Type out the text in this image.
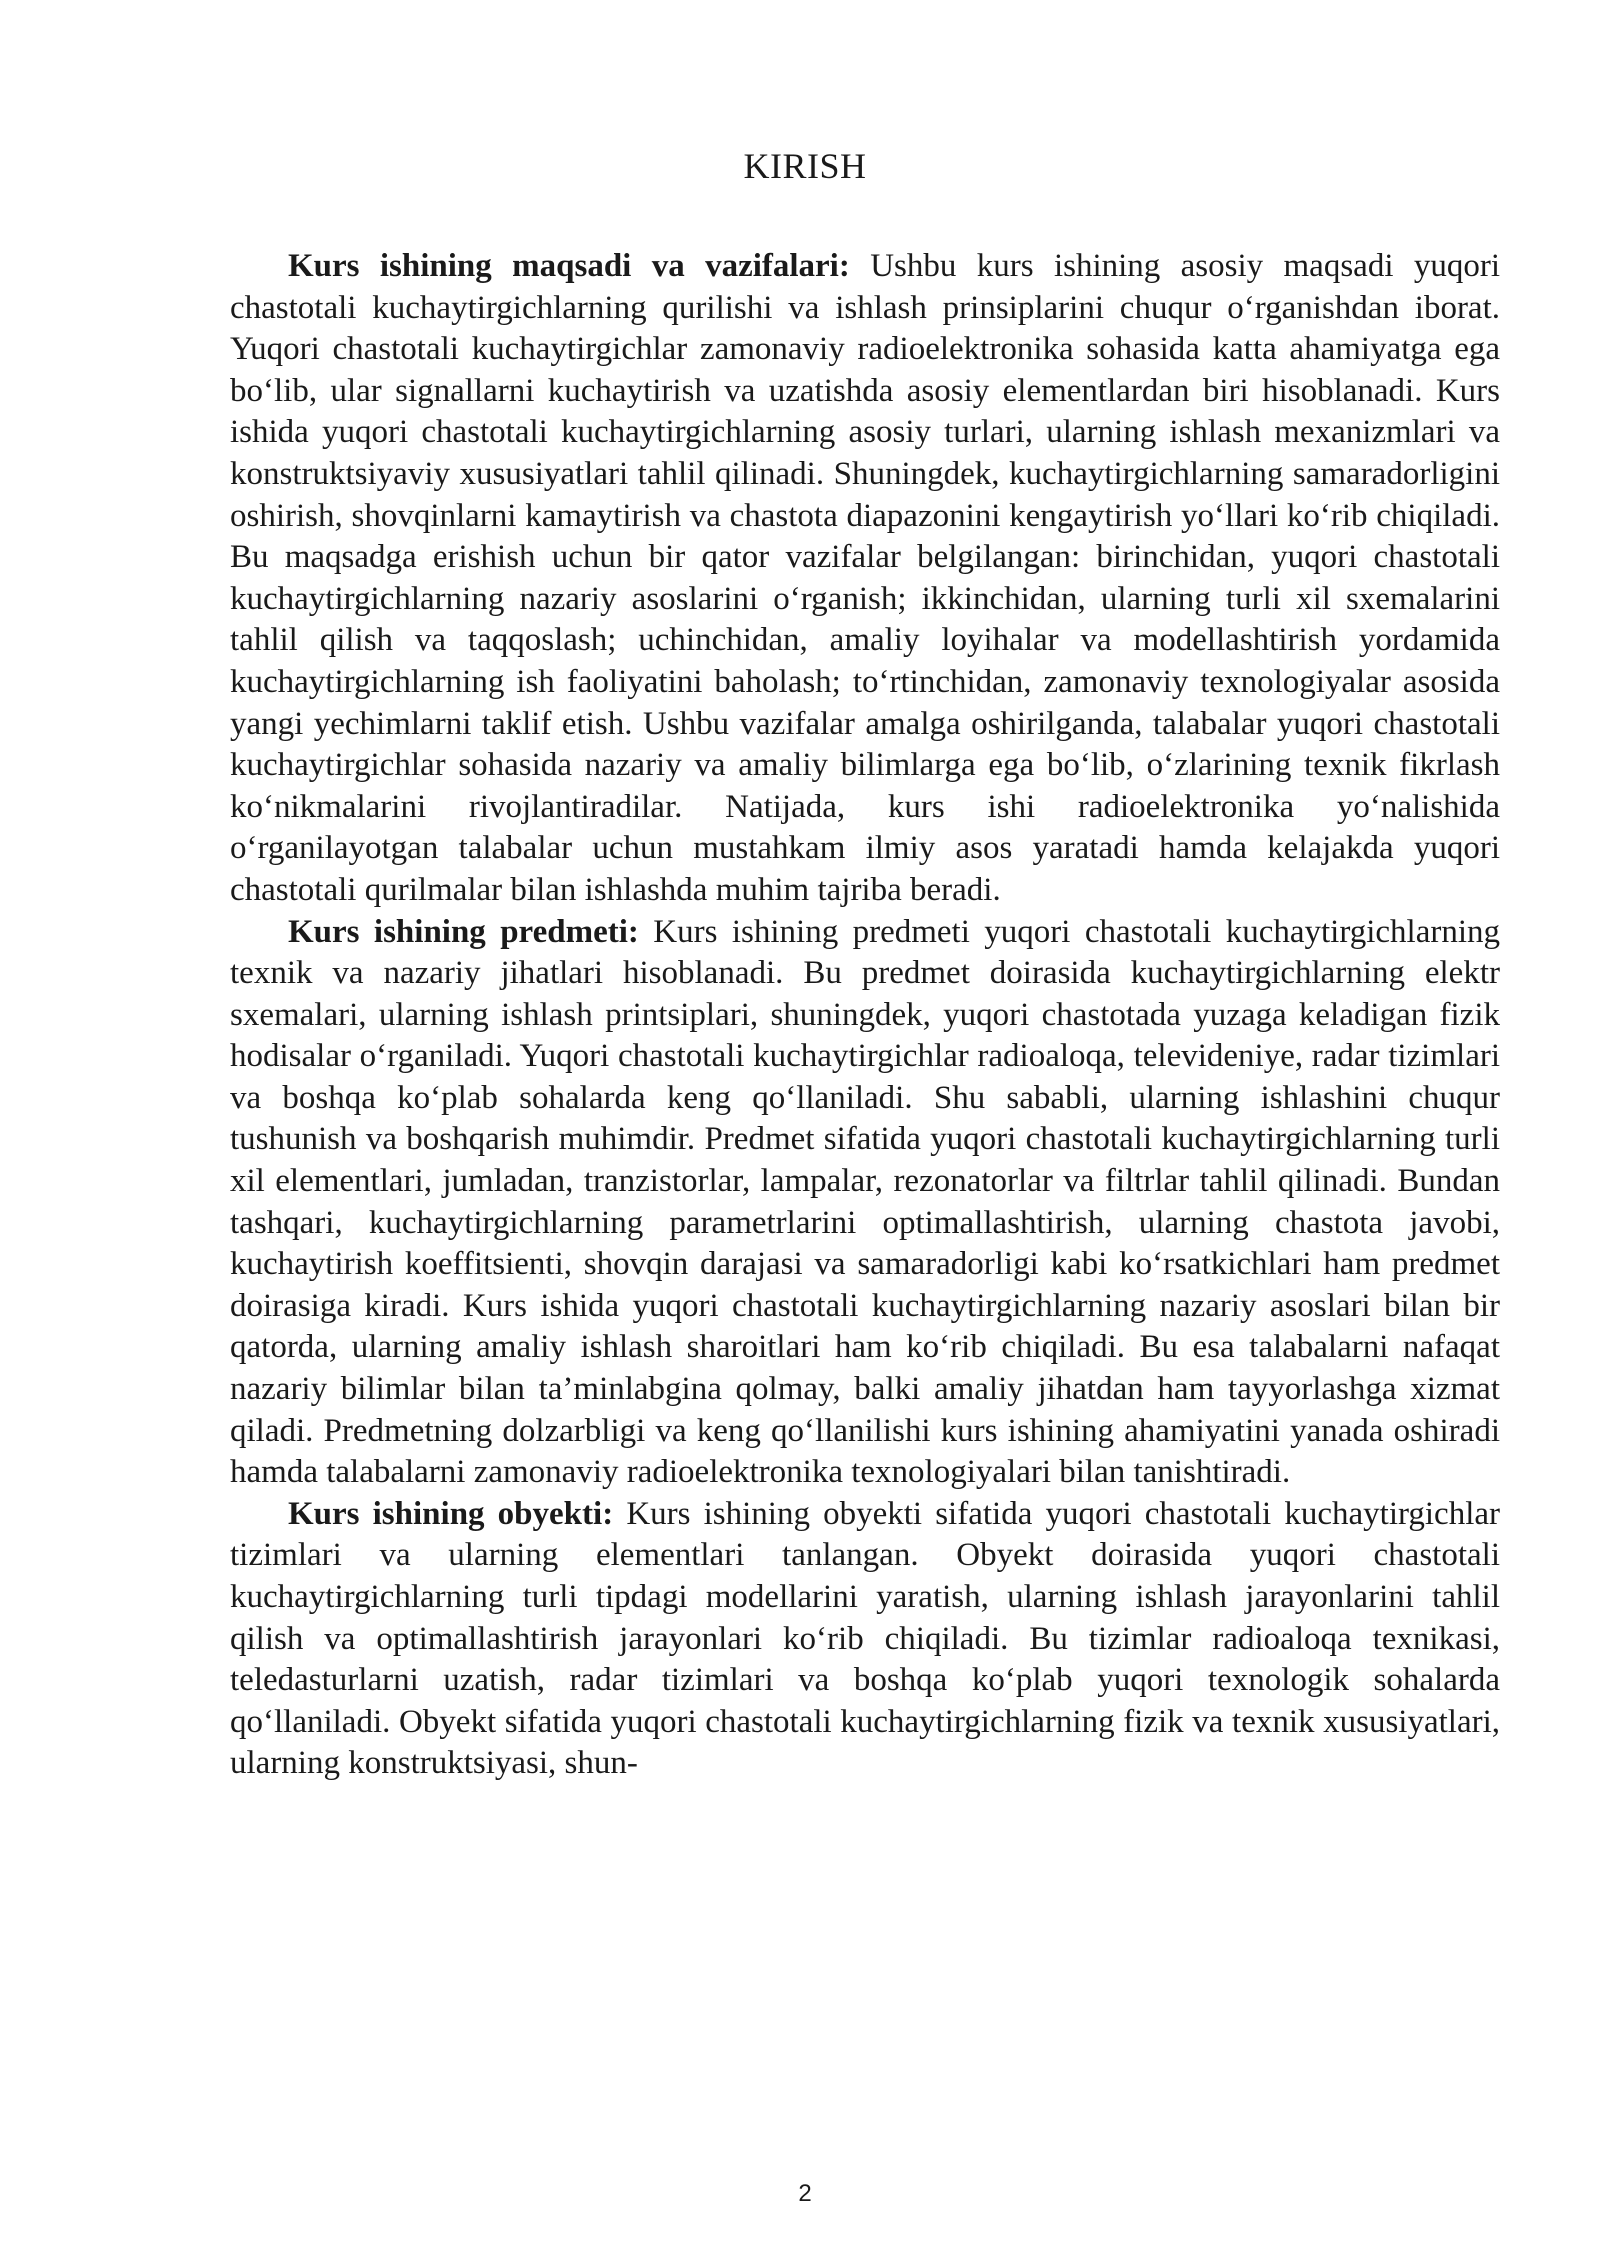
KIRISH

Kurs ishining maqsadi va vazifalari: Ushbu kurs ishining asosiy maqsadi yuqori chastotali kuchaytirgichlarning qurilishi va ishlash prinsiplarini chuqur o‘rganishdan iborat. Yuqori chastotali kuchaytirgichlar zamonaviy radioelektronika sohasida katta ahamiyatga ega bo‘lib, ular signallarni kuchaytirish va uzatishda asosiy elementlardan biri hisoblanadi. Kurs ishida yuqori chastotali kuchaytirgichlarning asosiy turlari, ularning ishlash mexanizmlari va konstruktsiyaviy xususiyatlari tahlil qilinadi. Shuningdek, kuchaytirgichlarning samaradorligini oshirish, shovqinlarni kamaytirish va chastota diapazonini kengaytirish yo‘llari ko‘rib chiqiladi. Bu maqsadga erishish uchun bir qator vazifalar belgilangan: birinchidan, yuqori chastotali kuchaytirgichlarning nazariy asoslarini o‘rganish; ikkinchidan, ularning turli xil sxemalarini tahlil qilish va taqqoslash; uchinchidan, amaliy loyihalar va modellashtirish yordamida kuchaytirgichlarning ish faoliyatini baholash; to‘rtinchidan, zamonaviy texnologiyalar asosida yangi yechimlarni taklif etish. Ushbu vazifalar amalga oshirilganda, talabalar yuqori chastotali kuchaytirgichlar sohasida nazariy va amaliy bilimlarga ega bo‘lib, o‘zlarining texnik fikrlash ko‘nikmalarini rivojlantiradilar. Natijada, kurs ishi radioelektronika yo‘nalishida o‘rganilayotgan talabalar uchun mustahkam ilmiy asos yaratadi hamda kelajakda yuqori chastotali qurilmalar bilan ishlashda muhim tajriba beradi.

Kurs ishining predmeti: Kurs ishining predmeti yuqori chastotali kuchaytirgichlarning texnik va nazariy jihatlari hisoblanadi. Bu predmet doirasida kuchaytirgichlarning elektr sxemalari, ularning ishlash printsiplari, shuningdek, yuqori chastotada yuzaga keladigan fizik hodisalar o‘rganiladi. Yuqori chastotali kuchaytirgichlar radioaloqa, televideniye, radar tizimlari va boshqa ko‘plab sohalarda keng qo‘llaniladi. Shu sababli, ularning ishlashini chuqur tushunish va boshqarish muhimdir. Predmet sifatida yuqori chastotali kuchaytirgichlarning turli xil elementlari, jumladan, tranzistorlar, lampalar, rezonatorlar va filtrlar tahlil qilinadi. Bundan tashqari, kuchaytirgichlarning parametrlarini optimallashtirish, ularning chastota javobi, kuchaytirish koeffitsienti, shovqin darajasi va samaradorligi kabi ko‘rsatkichlari ham predmet doirasiga kiradi. Kurs ishida yuqori chastotali kuchaytirgichlarning nazariy asoslari bilan bir qatorda, ularning amaliy ishlash sharoitlari ham ko‘rib chiqiladi. Bu esa talabalarni nafaqat nazariy bilimlar bilan ta’minlabgina qolmay, balki amaliy jihatdan ham tayyorlashga xizmat qiladi. Predmetning dolzarbligi va keng qo‘llanilishi kurs ishining ahamiyatini yanada oshiradi hamda talabalarni zamonaviy radioelektronika texnologiyalari bilan tanishtiradi.

Kurs ishining obyekti: Kurs ishining obyekti sifatida yuqori chastotali kuchaytirgichlar tizimlari va ularning elementlari tanlangan. Obyekt doirasida yuqori chastotali kuchaytirgichlarning turli tipdagi modellarini yaratish, ularning ishlash jarayonlarini tahlil qilish va optimallashtirish jarayonlari ko‘rib chiqiladi. Bu tizimlar radioaloqa texnikasi, teledasturlarni uzatish, radar tizimlari va boshqa ko‘plab yuqori texnologik sohalarda qo‘llaniladi. Obyekt sifatida yuqori chastotali kuchaytirgichlarning fizik va texnik xususiyatlari, ularning konstruktsiyasi, shun-

2
